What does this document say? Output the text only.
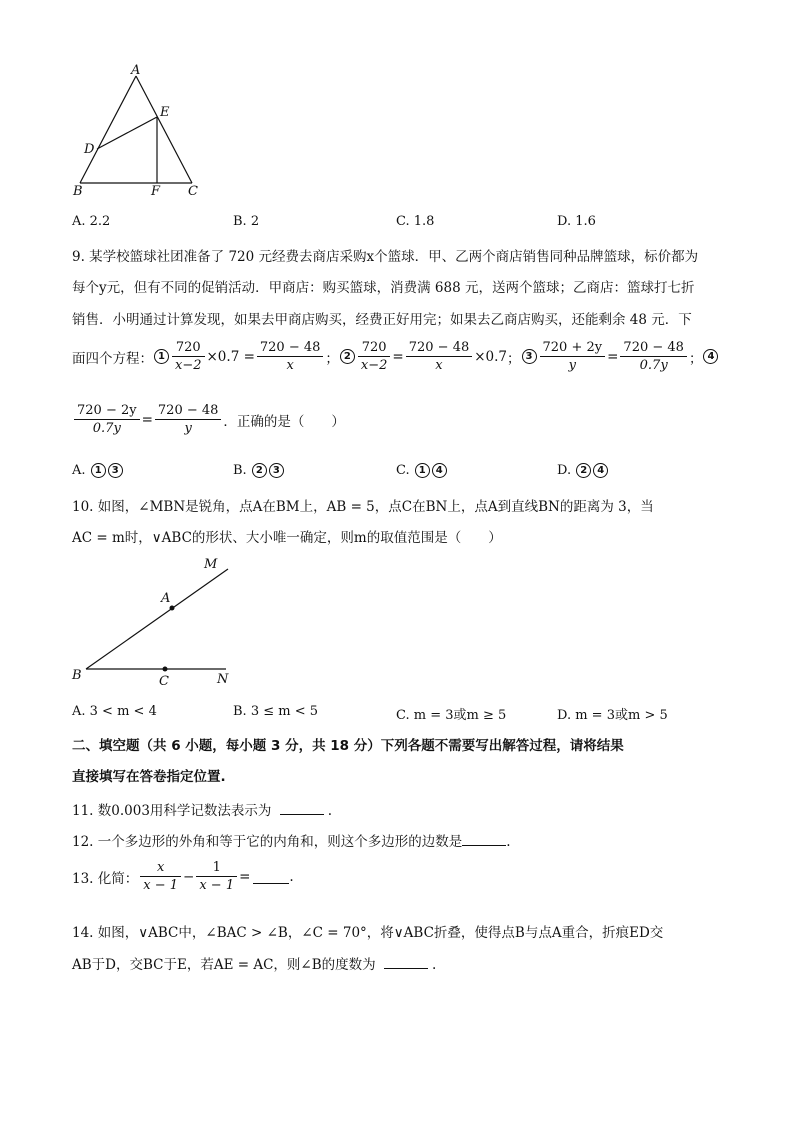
A
E
D
B	F C
A. 2.2	B. 2	C. 1.8	D. 1.6
9. 某学校篮球社团准备了 720 元经费去商店采购x个篮球．甲、乙两个商店销售同种品牌篮球，标价都为
每个y元，但有不同的促销活动．甲商店：购买篮球，消费满 688 元，送两个篮球；乙商店：篮球打七折
销售．小明通过计算发现，如果去甲商店购买，经费正好用完；如果去乙商店购买，还能剩余 48 元．下
面四个方程： $1 \frac{720}{x-2} \times 0.7 = \frac{720 - 48}{x}$ ； $2 \frac{720}{x-2} = \frac{720 - 48}{x} \times 0.7$ ； $3 \frac{720 + 2y}{y} = \frac{720 - 48}{0.7y}$ ； 4
$\frac{720 - 2y}{0.7y} = \frac{720 - 48}{y}$ ．正确的是（　　）
A. 1 3	B. 2 3	C. 1 4	D. 2 4
10. 如图，∠MBN是锐角，点A在BM上，AB = 5，点C在BN上，点A到直线BN的距离为 3，当
AC = m时，∨ABC的形状、大小唯一确定，则m的取值范围是（　　）
M
A
B	C	N
A. 3 < m < 4	B. 3 ≤ m < 5	C. m = 3或m ≥ 5	D. m = 3或m > 5
二、填空题（共 6 小题，每小题 3 分，共 18 分）下列各题不需要写出解答过程，请将结果
直接填写在答卷指定位置.
11. 数0.003用科学记数法表示为	.
12. 一个多边形的外角和等于它的内角和，则这个多边形的边数是	.
13. 化简： $\frac{x}{x - 1} - \frac{1}{x - 1}$ =	.
14. 如图，∨ABC中，∠BAC > ∠B，∠C = 70°，将∨ABC折叠，使得点B与点A重合，折痕ED交
AB于D，交BC于E，若AE = AC，则∠B的度数为	.
